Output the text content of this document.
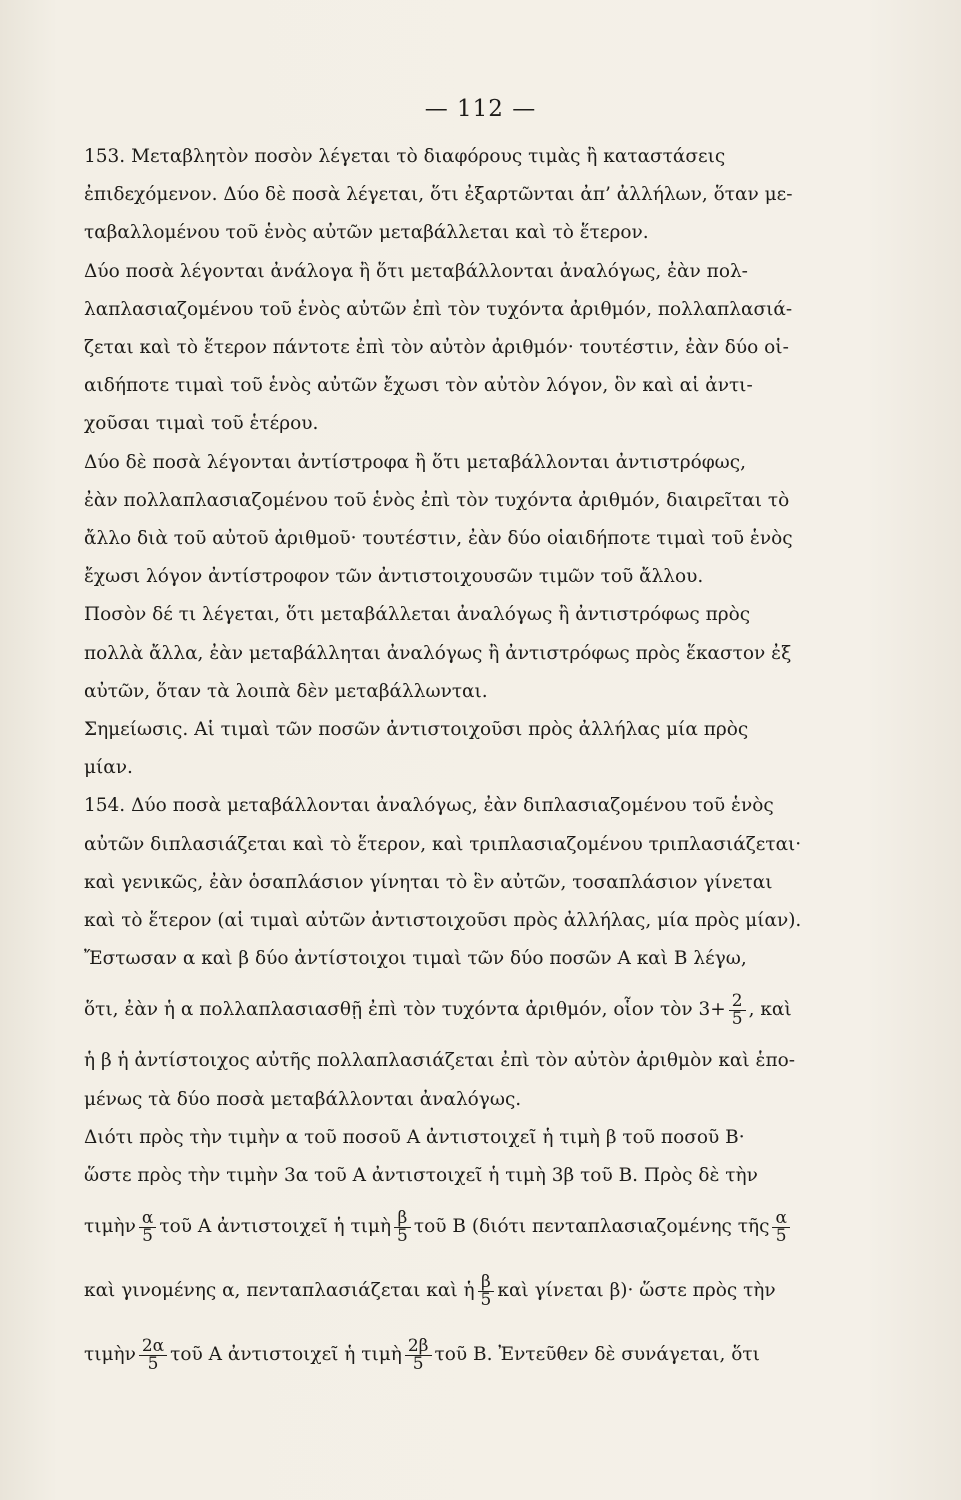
— 112 —
153. Μεταβλητὸν ποσὸν λέγεται τὸ διαφόρους τιμὰς ἢ καταστάσεις
ἐπιδεχόμενον. Δύο δὲ ποσὰ λέγεται, ὅτι ἐξαρτῶνται ἀπ’ ἀλλήλων, ὅταν με-
ταβαλλομένου τοῦ ἑνὸς αὐτῶν μεταβάλλεται καὶ τὸ ἕτερον.
Δύο ποσὰ λέγονται ἀνάλογα ἢ ὅτι μεταβάλλονται ἀναλόγως, ἐὰν πολ-
λαπλασιαζομένου τοῦ ἑνὸς αὐτῶν ἐπὶ τὸν τυχόντα ἀριθμόν, πολλαπλασιά-
ζεται καὶ τὸ ἕτερον πάντοτε ἐπὶ τὸν αὐτὸν ἀριθμόν· τουτέστιν, ἐὰν δύο οἱ-
αιδήποτε τιμαὶ τοῦ ἑνὸς αὐτῶν ἔχωσι τὸν αὐτὸν λόγον, ὃν καὶ αἱ ἀντι-
χοῦσαι τιμαὶ τοῦ ἑτέρου.
Δύο δὲ ποσὰ λέγονται ἀντίστροφα ἢ ὅτι μεταβάλλονται ἀντιστρόφως,
ἐὰν πολλαπλασιαζομένου τοῦ ἑνὸς ἐπὶ τὸν τυχόντα ἀριθμόν, διαιρεῖται τὸ
ἄλλο διὰ τοῦ αὐτοῦ ἀριθμοῦ· τουτέστιν, ἐὰν δύο οἱαιδήποτε τιμαὶ τοῦ ἑνὸς
ἔχωσι λόγον ἀντίστροφον τῶν ἀντιστοιχουσῶν τιμῶν τοῦ ἄλλου.
Ποσὸν δέ τι λέγεται, ὅτι μεταβάλλεται ἀναλόγως ἢ ἀντιστρόφως πρὸς
πολλὰ ἄλλα, ἐὰν μεταβάλληται ἀναλόγως ἢ ἀντιστρόφως πρὸς ἕκαστον ἐξ
αὐτῶν, ὅταν τὰ λοιπὰ δὲν μεταβάλλωνται.
Σημείωσις. Αἱ τιμαὶ τῶν ποσῶν ἀντιστοιχοῦσι πρὸς ἀλλήλας μία πρὸς
μίαν.
154. Δύο ποσὰ μεταβάλλονται ἀναλόγως, ἐὰν διπλασιαζομένου τοῦ ἑνὸς
αὐτῶν διπλασιάζεται καὶ τὸ ἕτερον, καὶ τριπλασιαζομένου τριπλασιάζεται·
καὶ γενικῶς, ἐὰν ὁσαπλάσιον γίνηται τὸ ἓν αὐτῶν, τοσαπλάσιον γίνεται
καὶ τὸ ἕτερον (αἱ τιμαὶ αὐτῶν ἀντιστοιχοῦσι πρὸς ἀλλήλας, μία πρὸς μίαν).
Ἔστωσαν α καὶ β δύο ἀντίστοιχοι τιμαὶ τῶν δύο ποσῶν Α καὶ Β λέγω,
ὅτι, ἐὰν ἡ α πολλαπλασιασθῇ ἐπὶ τὸν τυχόντα ἀριθμόν, οἷον τὸν $3+ \frac{2}{5}$ , καὶ
ἡ β ἡ ἀντίστοιχος αὐτῆς πολλαπλασιάζεται ἐπὶ τὸν αὐτὸν ἀριθμὸν καὶ ἑπο-
μένως τὰ δύο ποσὰ μεταβάλλονται ἀναλόγως.
Διότι πρὸς τὴν τιμὴν α τοῦ ποσοῦ Α ἀντιστοιχεῖ ἡ τιμὴ β τοῦ ποσοῦ Β·
ὥστε πρὸς τὴν τιμὴν 3α τοῦ Α ἀντιστοιχεῖ ἡ τιμὴ 3β τοῦ Β. Πρὸς δὲ τὴν
τιμὴν $\frac{\alpha}{5}$ τοῦ Α ἀντιστοιχεῖ ἡ τιμὴ $\frac{\beta}{5}$ τοῦ Β (διότι πενταπλασιαζομένης τῆς $\frac{\alpha}{5}$
καὶ γινομένης α, πενταπλασιάζεται καὶ ἡ $\frac{\beta}{5}$ καὶ γίνεται β)· ὥστε πρὸς τὴν
τιμὴν $\frac{2\alpha}{5}$ τοῦ Α ἀντιστοιχεῖ ἡ τιμὴ $\frac{2\beta}{5}$ τοῦ Β. Ἐντεῦθεν δὲ συνάγεται, ὅτι
